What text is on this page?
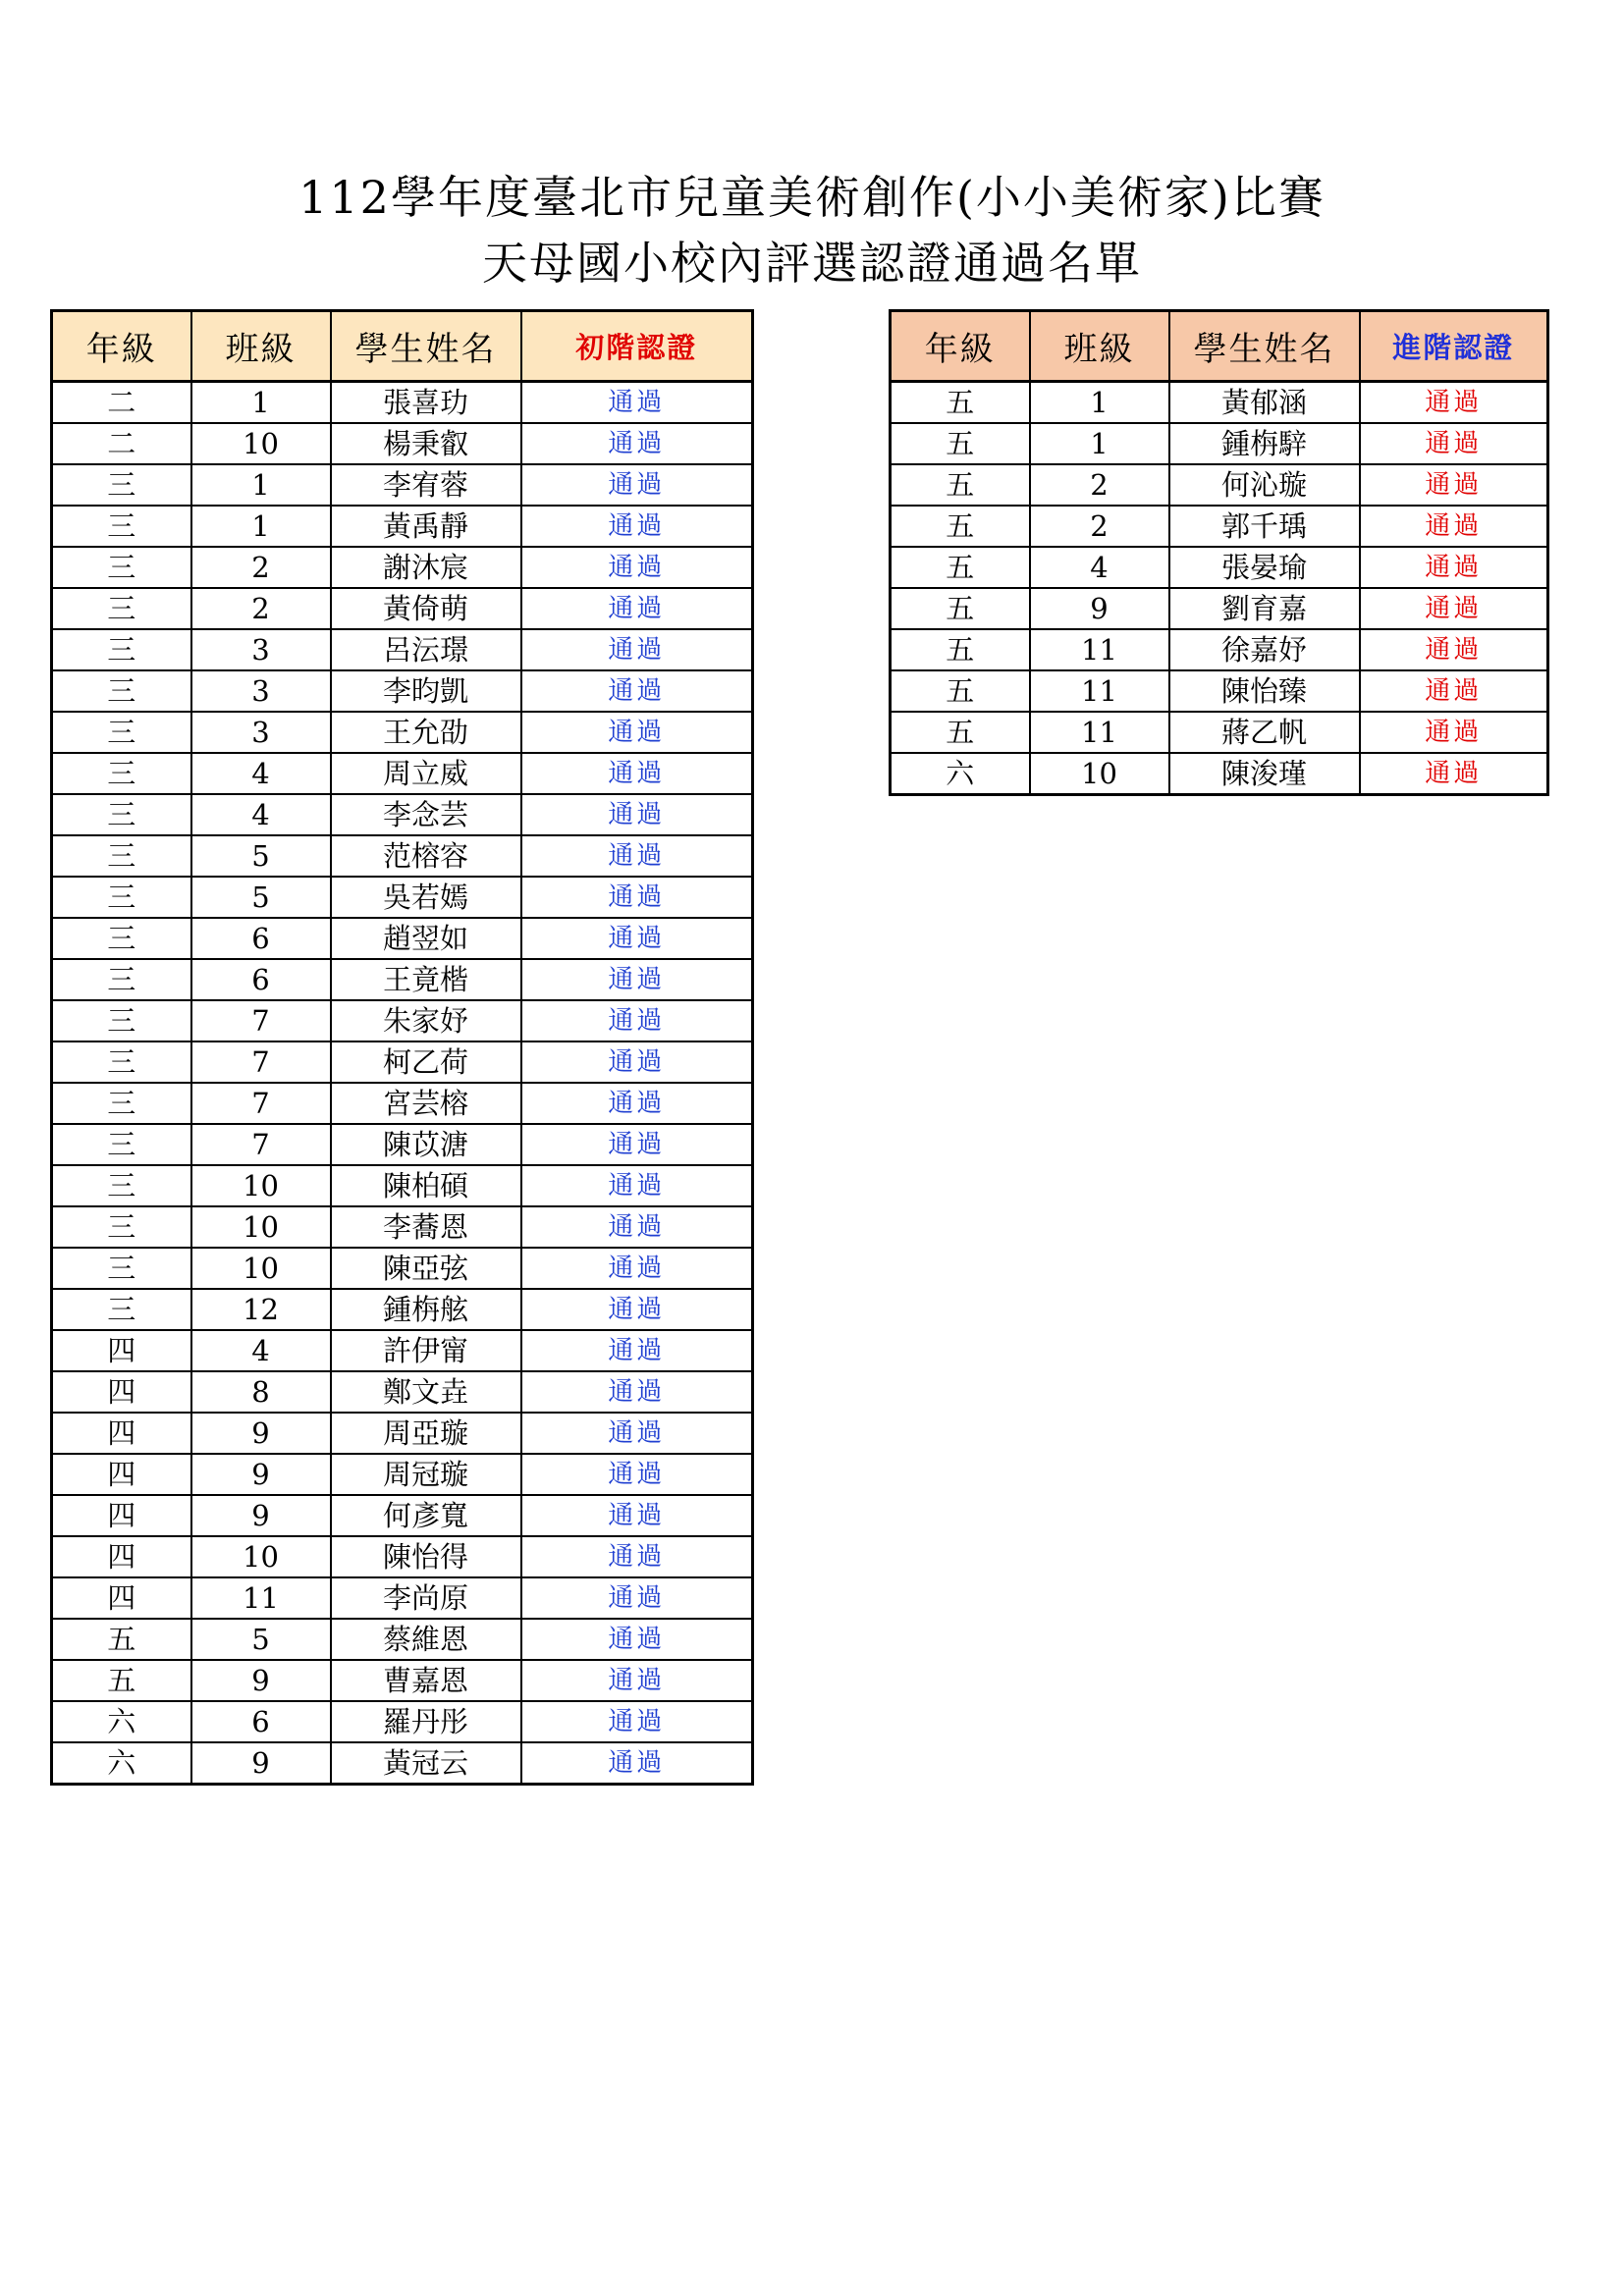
112學年度臺北市兒童美術創作(小小美術家)比賽
天母國小校內評選認證通過名單
年級	班級	學生姓名	初階認證
二	1	張喜玏	通過
二	10	楊秉叡	通過
三	1	李宥蓉	通過
三	1	黃禹靜	通過
三	2	謝沐宸	通過
三	2	黃倚萌	通過
三	3	呂沄璟	通過
三	3	李昀凱	通過
三	3	王允劭	通過
三	4	周立威	通過
三	4	李念芸	通過
三	5	范榕容	通過
三	5	吳若嫣	通過
三	6	趙翌如	通過
三	6	王竟楷	通過
三	7	朱家妤	通過
三	7	柯乙荷	通過
三	7	宮芸榕	通過
三	7	陳苡溏	通過
三	10	陳柏碩	通過
三	10	李蕎恩	通過
三	10	陳亞弦	通過
三	12	鍾栴舷	通過
四	4	許伊甯	通過
四	8	鄭文垚	通過
四	9	周亞璇	通過
四	9	周冠璇	通過
四	9	何彥寬	通過
四	10	陳怡得	通過
四	11	李尚原	通過
五	5	蔡維恩	通過
五	9	曹嘉恩	通過
六	6	羅丹彤	通過
六	9	黃冠云	通過
年級	班級	學生姓名	進階認證
五	1	黃郁涵	通過
五	1	鍾栴騂	通過
五	2	何沁璇	通過
五	2	郭千瑀	通過
五	4	張晏瑜	通過
五	9	劉育嘉	通過
五	11	徐嘉妤	通過
五	11	陳怡臻	通過
五	11	蔣乙帆	通過
六	10	陳浚瑾	通過
